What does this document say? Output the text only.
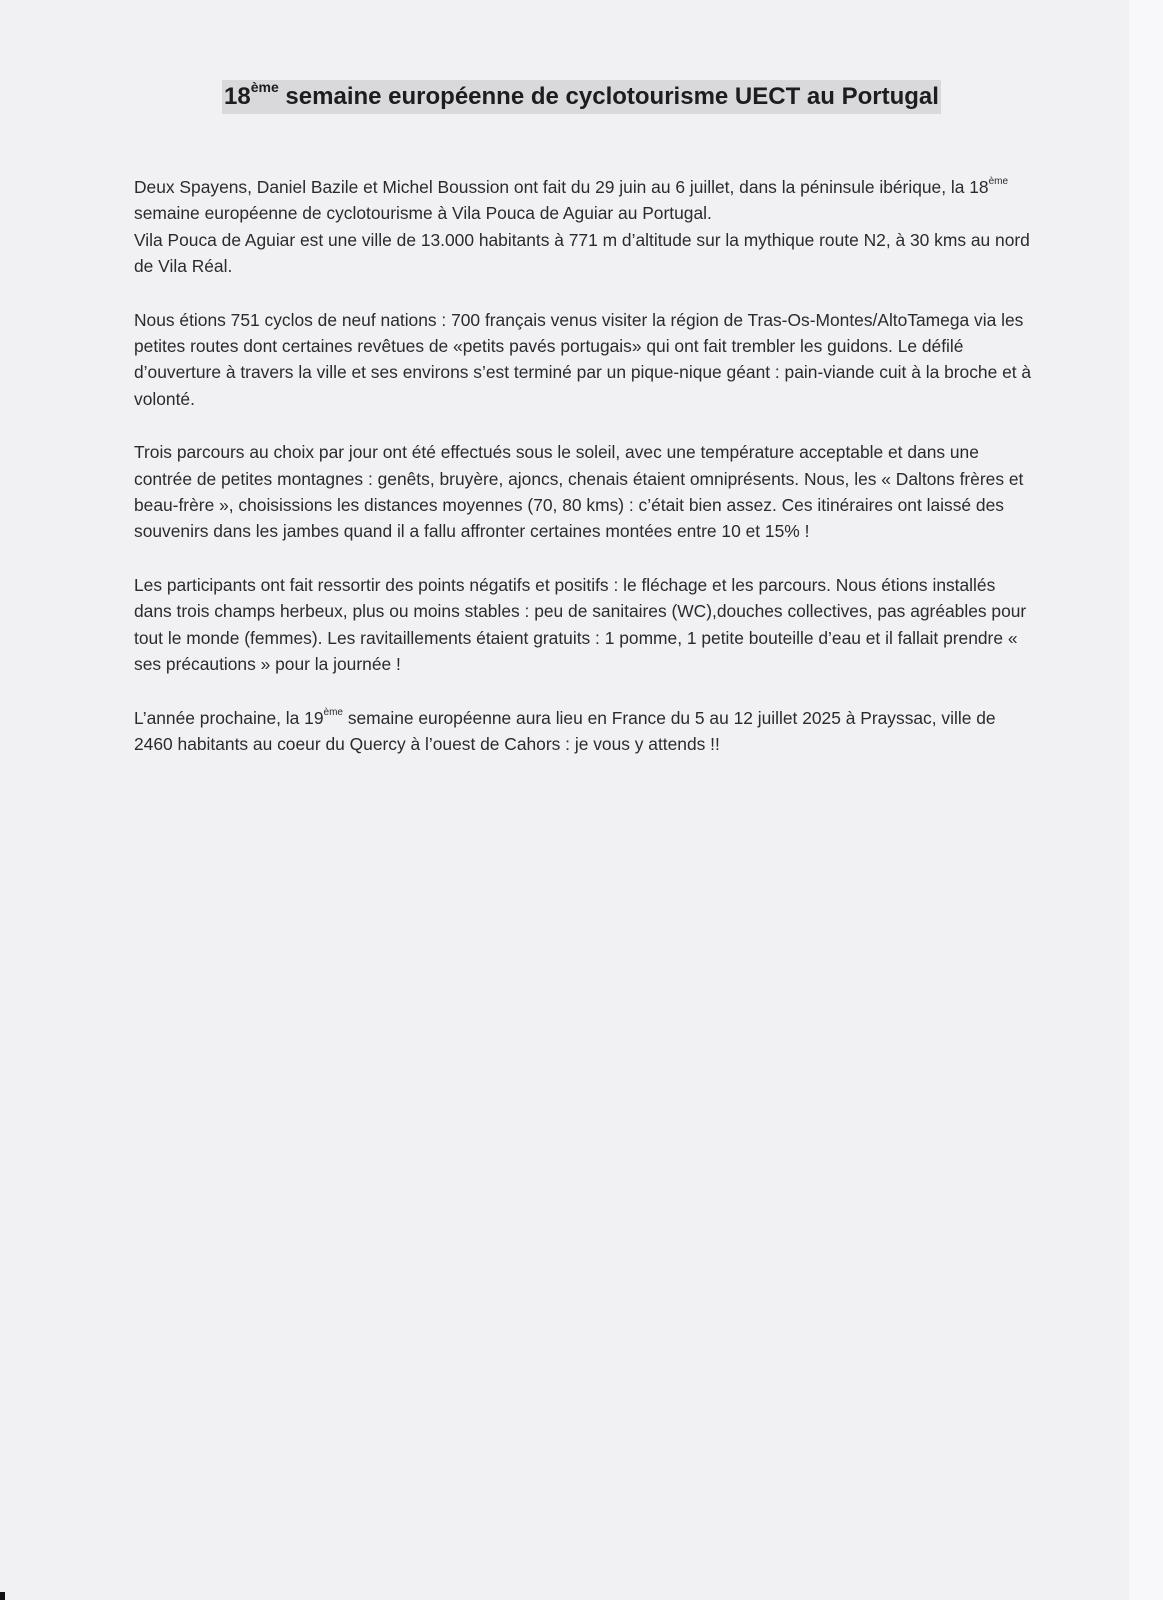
18ème semaine européenne de cyclotourisme UECT au Portugal

Deux Spayens, Daniel Bazile et Michel Boussion ont fait du 29 juin au 6 juillet, dans la péninsule ibérique, la 18ème semaine européenne de cyclotourisme à Vila Pouca de Aguiar au Portugal.
Vila Pouca de Aguiar est une ville de 13.000 habitants à 771 m d’altitude sur la mythique route N2, à 30 kms au nord de Vila Réal.

Nous étions 751 cyclos de neuf nations : 700 français venus visiter la région de Tras-Os-Montes/AltoTamega via les petites routes dont certaines revêtues de «petits pavés portugais» qui ont fait trembler les guidons. Le défilé d’ouverture à travers la ville et ses environs s’est terminé par un pique-nique géant : pain-viande cuit à la broche et à volonté.

Trois parcours au choix par jour ont été effectués sous le soleil, avec une température acceptable et dans une contrée de petites montagnes : genêts, bruyère, ajoncs, chenais étaient omniprésents. Nous, les « Daltons frères et beau-frère », choisissions les distances moyennes (70, 80 kms) : c’était bien assez. Ces itinéraires ont laissé des souvenirs dans les jambes quand il a fallu affronter certaines montées entre 10 et 15% !

Les participants ont fait ressortir des points négatifs et positifs : le fléchage et les parcours. Nous étions installés dans trois champs herbeux, plus ou moins stables : peu de sanitaires (WC),douches collectives, pas agréables pour tout le monde (femmes). Les ravitaillements étaient gratuits : 1 pomme, 1 petite bouteille d’eau et il fallait prendre « ses précautions » pour la journée !

L’année prochaine, la 19ème semaine européenne aura lieu en France du 5 au 12 juillet 2025 à Prayssac, ville de 2460 habitants au coeur du Quercy à l’ouest de Cahors : je vous y attends !!
